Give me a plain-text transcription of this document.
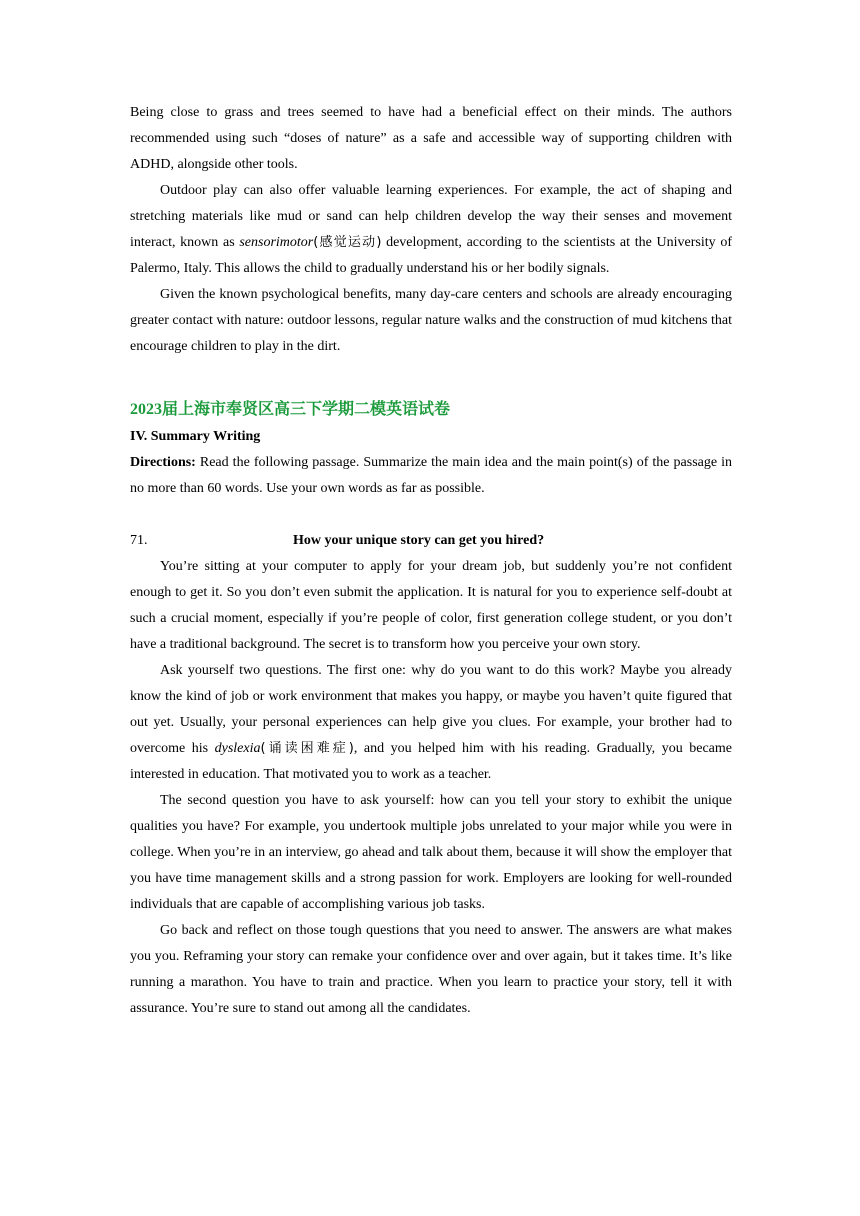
Being close to grass and trees seemed to have had a beneficial effect on their minds. The authors recommended using such “doses of nature” as a safe and accessible way of supporting children with ADHD, alongside other tools.

Outdoor play can also offer valuable learning experiences. For example, the act of shaping and stretching materials like mud or sand can help children develop the way their senses and movement interact, known as sensorimotor(感觉运动) development, according to the scientists at the University of Palermo, Italy. This allows the child to gradually understand his or her bodily signals.

Given the known psychological benefits, many day-care centers and schools are already encouraging greater contact with nature: outdoor lessons, regular nature walks and the construction of mud kitchens that encourage children to play in the dirt.

2023届上海市奉贤区高三下学期二模英语试卷

IV. Summary Writing

Directions: Read the following passage. Summarize the main idea and the main point(s) of the passage in no more than 60 words. Use your own words as far as possible.

71.	How your unique story can get you hired?

You’re sitting at your computer to apply for your dream job, but suddenly you’re not confident enough to get it. So you don’t even submit the application. It is natural for you to experience self-doubt at such a crucial moment, especially if you’re people of color, first generation college student, or you don’t have a traditional background. The secret is to transform how you perceive your own story.

Ask yourself two questions. The first one: why do you want to do this work? Maybe you already know the kind of job or work environment that makes you happy, or maybe you haven’t quite figured that out yet. Usually, your personal experiences can help give you clues. For example, your brother had to overcome his dyslexia(诵读困难症), and you helped him with his reading. Gradually, you became interested in education. That motivated you to work as a teacher.

The second question you have to ask yourself: how can you tell your story to exhibit the unique qualities you have? For example, you undertook multiple jobs unrelated to your major while you were in college. When you’re in an interview, go ahead and talk about them, because it will show the employer that you have time management skills and a strong passion for work. Employers are looking for well-rounded individuals that are capable of accomplishing various job tasks.

Go back and reflect on those tough questions that you need to answer. The answers are what makes you you. Reframing your story can remake your confidence over and over again, but it takes time. It’s like running a marathon. You have to train and practice. When you learn to practice your story, tell it with assurance. You’re sure to stand out among all the candidates.
